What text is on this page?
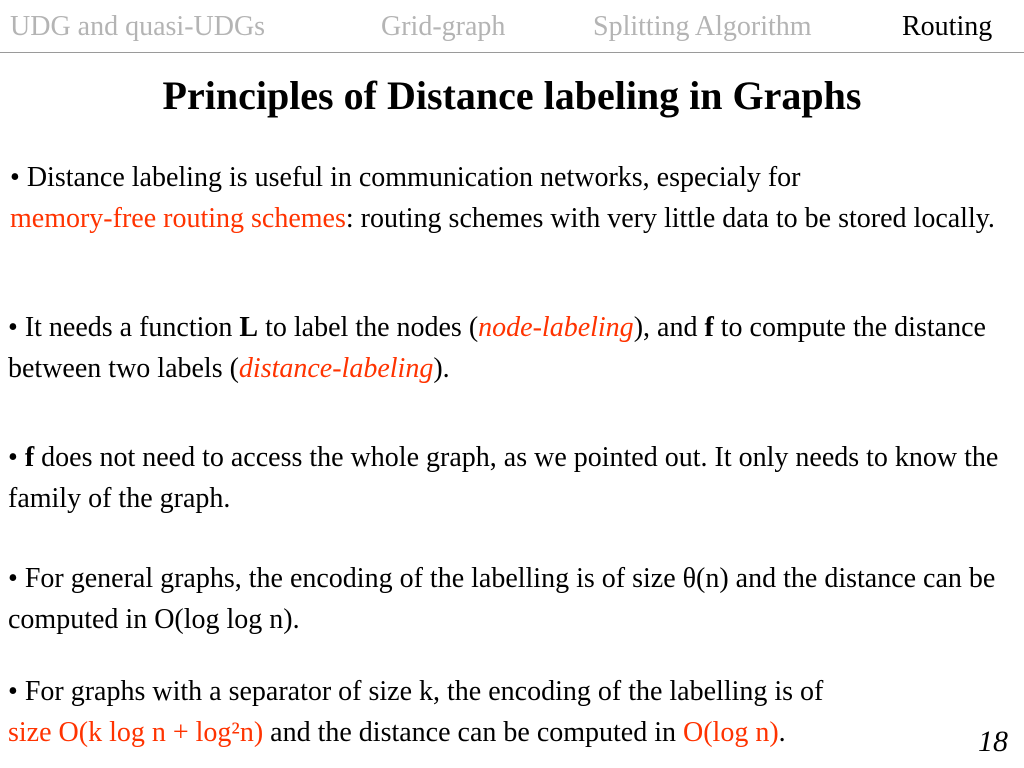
UDG and quasi-UDGs	Grid-graph	Splitting Algorithm	Routing
Principles of Distance labeling in Graphs

• Distance labeling is useful in communication networks, especialy for
memory-free routing schemes: routing schemes with very little data to be stored locally.

• It needs a function L to label the nodes (node-labeling), and f to compute the distance between two labels (distance-labeling).

• f does not need to access the whole graph, as we pointed out. It only needs to know the family of the graph.

• For general graphs, the encoding of the labelling is of size θ(n) and the distance can be computed in O(log log n).

• For graphs with a separator of size k, the encoding of the labelling is of
size O(k log n + log²n) and the distance can be computed in O(log n).	18
